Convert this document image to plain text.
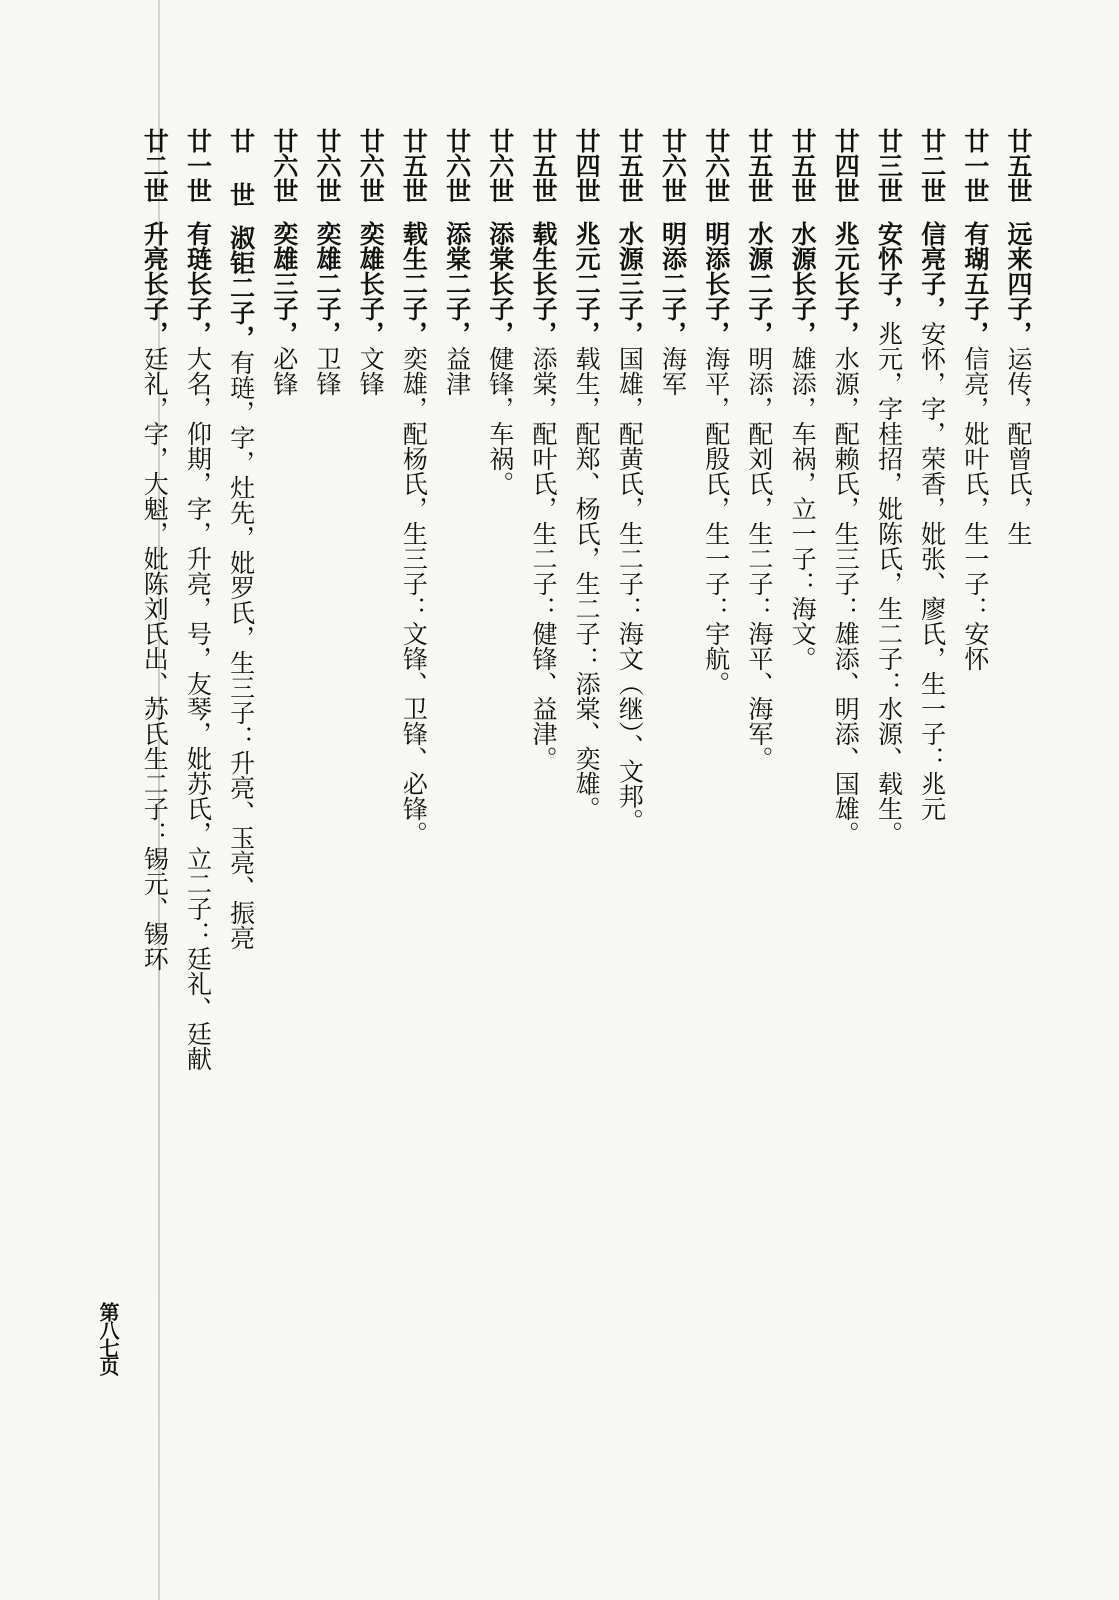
廿五世远来四子，运传，配曾氏，生

廿一世有瑚五子，信亮，妣叶氏，生一子：安怀

廿二世信亮子，安怀，字，荣香，妣张、廖氏，生一子：兆元

廿三世安怀子，兆元，字桂招，妣陈氏，生二子：水源、载生。

廿四世兆元长子，水源，配赖氏，生三子：雄添、明添、国雄。

廿五世水源长子，雄添，车祸，立一子：海文。

廿五世水源二子，明添，配刘氏，生二子：海平、海军。

廿六世明添长子，海平，配殷氏，生一子：宇航。

廿六世明添二子，海军

廿五世水源三子，国雄，配黄氏，生二子：海文（继）、文邦。

廿四世兆元二子，载生，配郑、杨氏，生二子：添棠、奕雄。

廿五世载生长子，添棠，配叶氏，生二子：健锋、益津。

廿六世添棠长子，健锋，车祸。

廿六世添棠二子，益津

廿五世载生二子，奕雄，配杨氏，生三子：文锋、卫锋、必锋。

廿六世奕雄长子，文锋

廿六世奕雄二子，卫锋

廿六世奕雄三子，必锋

廿 世淑钜二子，有琏，字，灶先，妣罗氏，生三子：升亮、玉亮、振亮

廿一世有琏长子，大名，仰期，字，升亮，号，友琴，妣苏氏，立二子：廷礼、廷献

廿二世升亮长子，廷礼，字，大魁，妣陈刘氏出、苏氏生二子：锡元、锡环

第八七页
